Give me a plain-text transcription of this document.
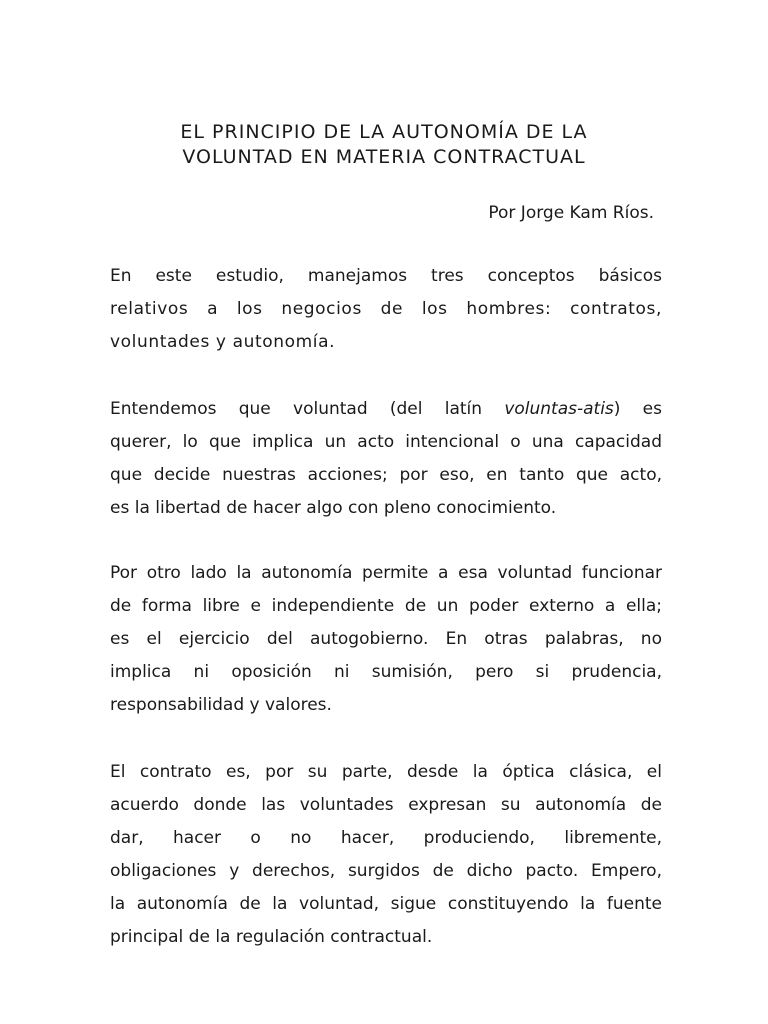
EL PRINCIPIO DE LA AUTONOMÍA DE LA
VOLUNTAD EN MATERIA CONTRACTUAL
Por Jorge Kam Ríos.
En este estudio, manejamos tres conceptos básicos
relativos a los negocios de los hombres: contratos,
voluntades y autonomía.
Entendemos que voluntad (del latín voluntas-atis) es
querer, lo que implica un acto intencional o una capacidad
que decide nuestras acciones; por eso, en tanto que acto,
es la libertad de hacer algo con pleno conocimiento.
Por otro lado la autonomía permite a esa voluntad funcionar
de forma libre e independiente de un poder externo a ella;
es el ejercicio del autogobierno. En otras palabras, no
implica ni oposición ni sumisión, pero si prudencia,
responsabilidad y valores.
El contrato es, por su parte, desde la óptica clásica, el
acuerdo donde las voluntades expresan su autonomía de
dar, hacer o no hacer, produciendo, libremente,
obligaciones y derechos, surgidos de dicho pacto. Empero,
la autonomía de la voluntad, sigue constituyendo la fuente
principal de la regulación contractual.
